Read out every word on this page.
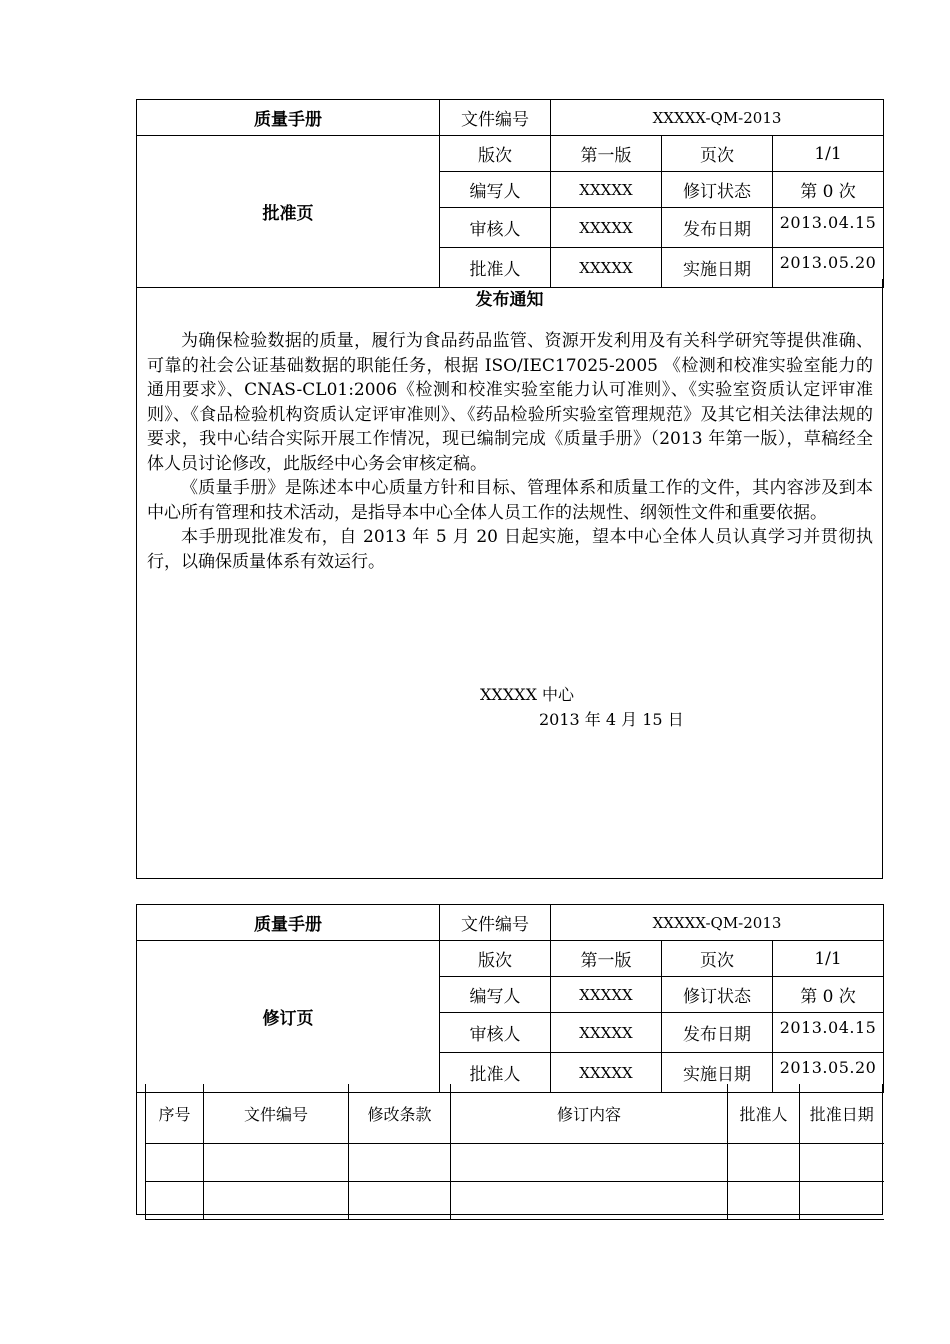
质量手册	文件编号	XXXXX-QM-2013		
批准页	版次	第一版	页次	1/1
	编写人	XXXXX	修订状态	第 0 次
	审核人	XXXXX	发布日期	2013.04.15
	批准人	XXXXX	实施日期	2013.05.20
发布通知

为确保检验数据的质量，履行为食品药品监管、资源开发利用及有关科学研究等提供准确、可靠的社会公证基础数据的职能任务，根据 ISO/IEC17025-2005 《检测和校准实验室能力的通用要求》、CNAS-CL01:2006《检测和校准实验室能力认可准则》、《实验室资质认定评审准则》、《食品检验机构资质认定评审准则》、《药品检验所实验室管理规范》及其它相关法律法规的要求，我中心结合实际开展工作情况，现已编制完成《质量手册》（2013 年第一版），草稿经全体人员讨论修改，此版经中心务会审核定稿。

《质量手册》是陈述本中心质量方针和目标、管理体系和质量工作的文件，其内容涉及到本中心所有管理和技术活动，是指导本中心全体人员工作的法规性、纲领性文件和重要依据。

本手册现批准发布，自 2013 年 5 月 20 日起实施，望本中心全体人员认真学习并贯彻执行，以确保质量体系有效运行。

XXXXX 中心
2013 年 4 月 15 日
质量手册	文件编号	XXXXX-QM-2013		
修订页	版次	第一版	页次	1/1
	编写人	XXXXX	修订状态	第 0 次
	审核人	XXXXX	发布日期	2013.04.15
	批准人	XXXXX	实施日期	2013.05.20
序号	文件编号	修改条款	修订内容	批准人	批准日期
